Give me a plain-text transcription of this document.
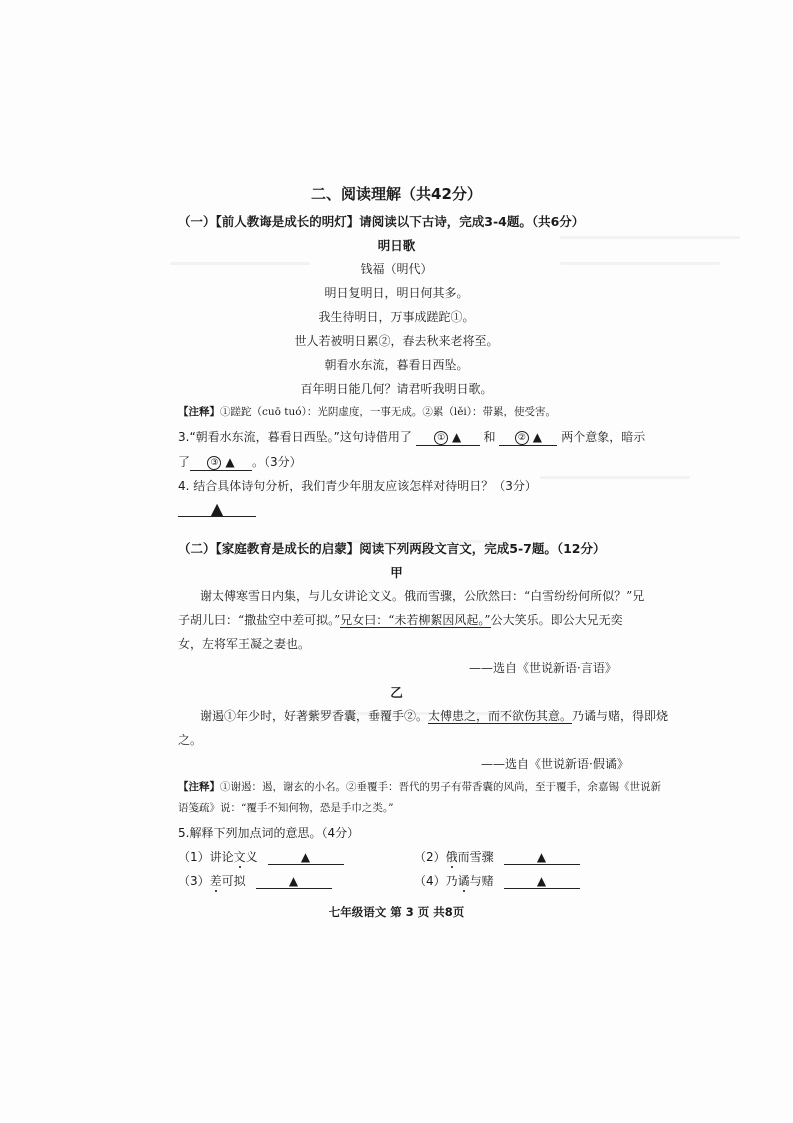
二、阅读理解（共42分）
（一）【前人教诲是成长的明灯】请阅读以下古诗，完成3-4题。（共6分）
明日歌
钱福（明代）
明日复明日，明日何其多。
我生待明日，万事成蹉跎①。
世人若被明日累②，春去秋来老将至。
朝看水东流，暮看日西坠。
百年明日能几何？请君听我明日歌。
【注释】①蹉跎（cuō tuó）：光阴虚度，一事无成。②累（lěi）：带累，使受害。
3.“朝看水东流，暮看日西坠。”这句诗借用了	① ▲ 和 ② ▲ 两个意象，暗示
了 ③ ▲ 。（3分）
4. 结合具体诗句分析，我们青少年朋友应该怎样对待明日？（3分）
▲
（二）【家庭教育是成长的启蒙】阅读下列两段文言文，完成5-7题。（12分）
甲
谢太傅寒雪日内集，与儿女讲论文义。俄而雪骤，公欣然曰：“白雪纷纷何所似？”兄
子胡儿曰：“撒盐空中差可拟。”兄女曰：“未若柳絮因风起。”公大笑乐。即公大兄无奕
女，左将军王凝之妻也。
——选自《世说新语·言语》
乙
谢遏①年少时，好著紫罗香囊，垂覆手②。太傅患之，而不欲伤其意。乃谲与赌，得即烧
之。
——选自《世说新语·假谲》
【注释】①谢遏：遏，谢玄的小名。②垂覆手：晋代的男子有带香囊的风尚，至于覆手，余嘉锡《世说新
语笺疏》说：“覆手不知何物，恐是手巾之类。”
5.解释下列加点词的意思。（4分）
（1）讲论文义	▲	（2）俄而雪骤	▲
（3）差可拟	▲	（4）乃谲与赌	▲
七年级语文 第 3 页 共8页
